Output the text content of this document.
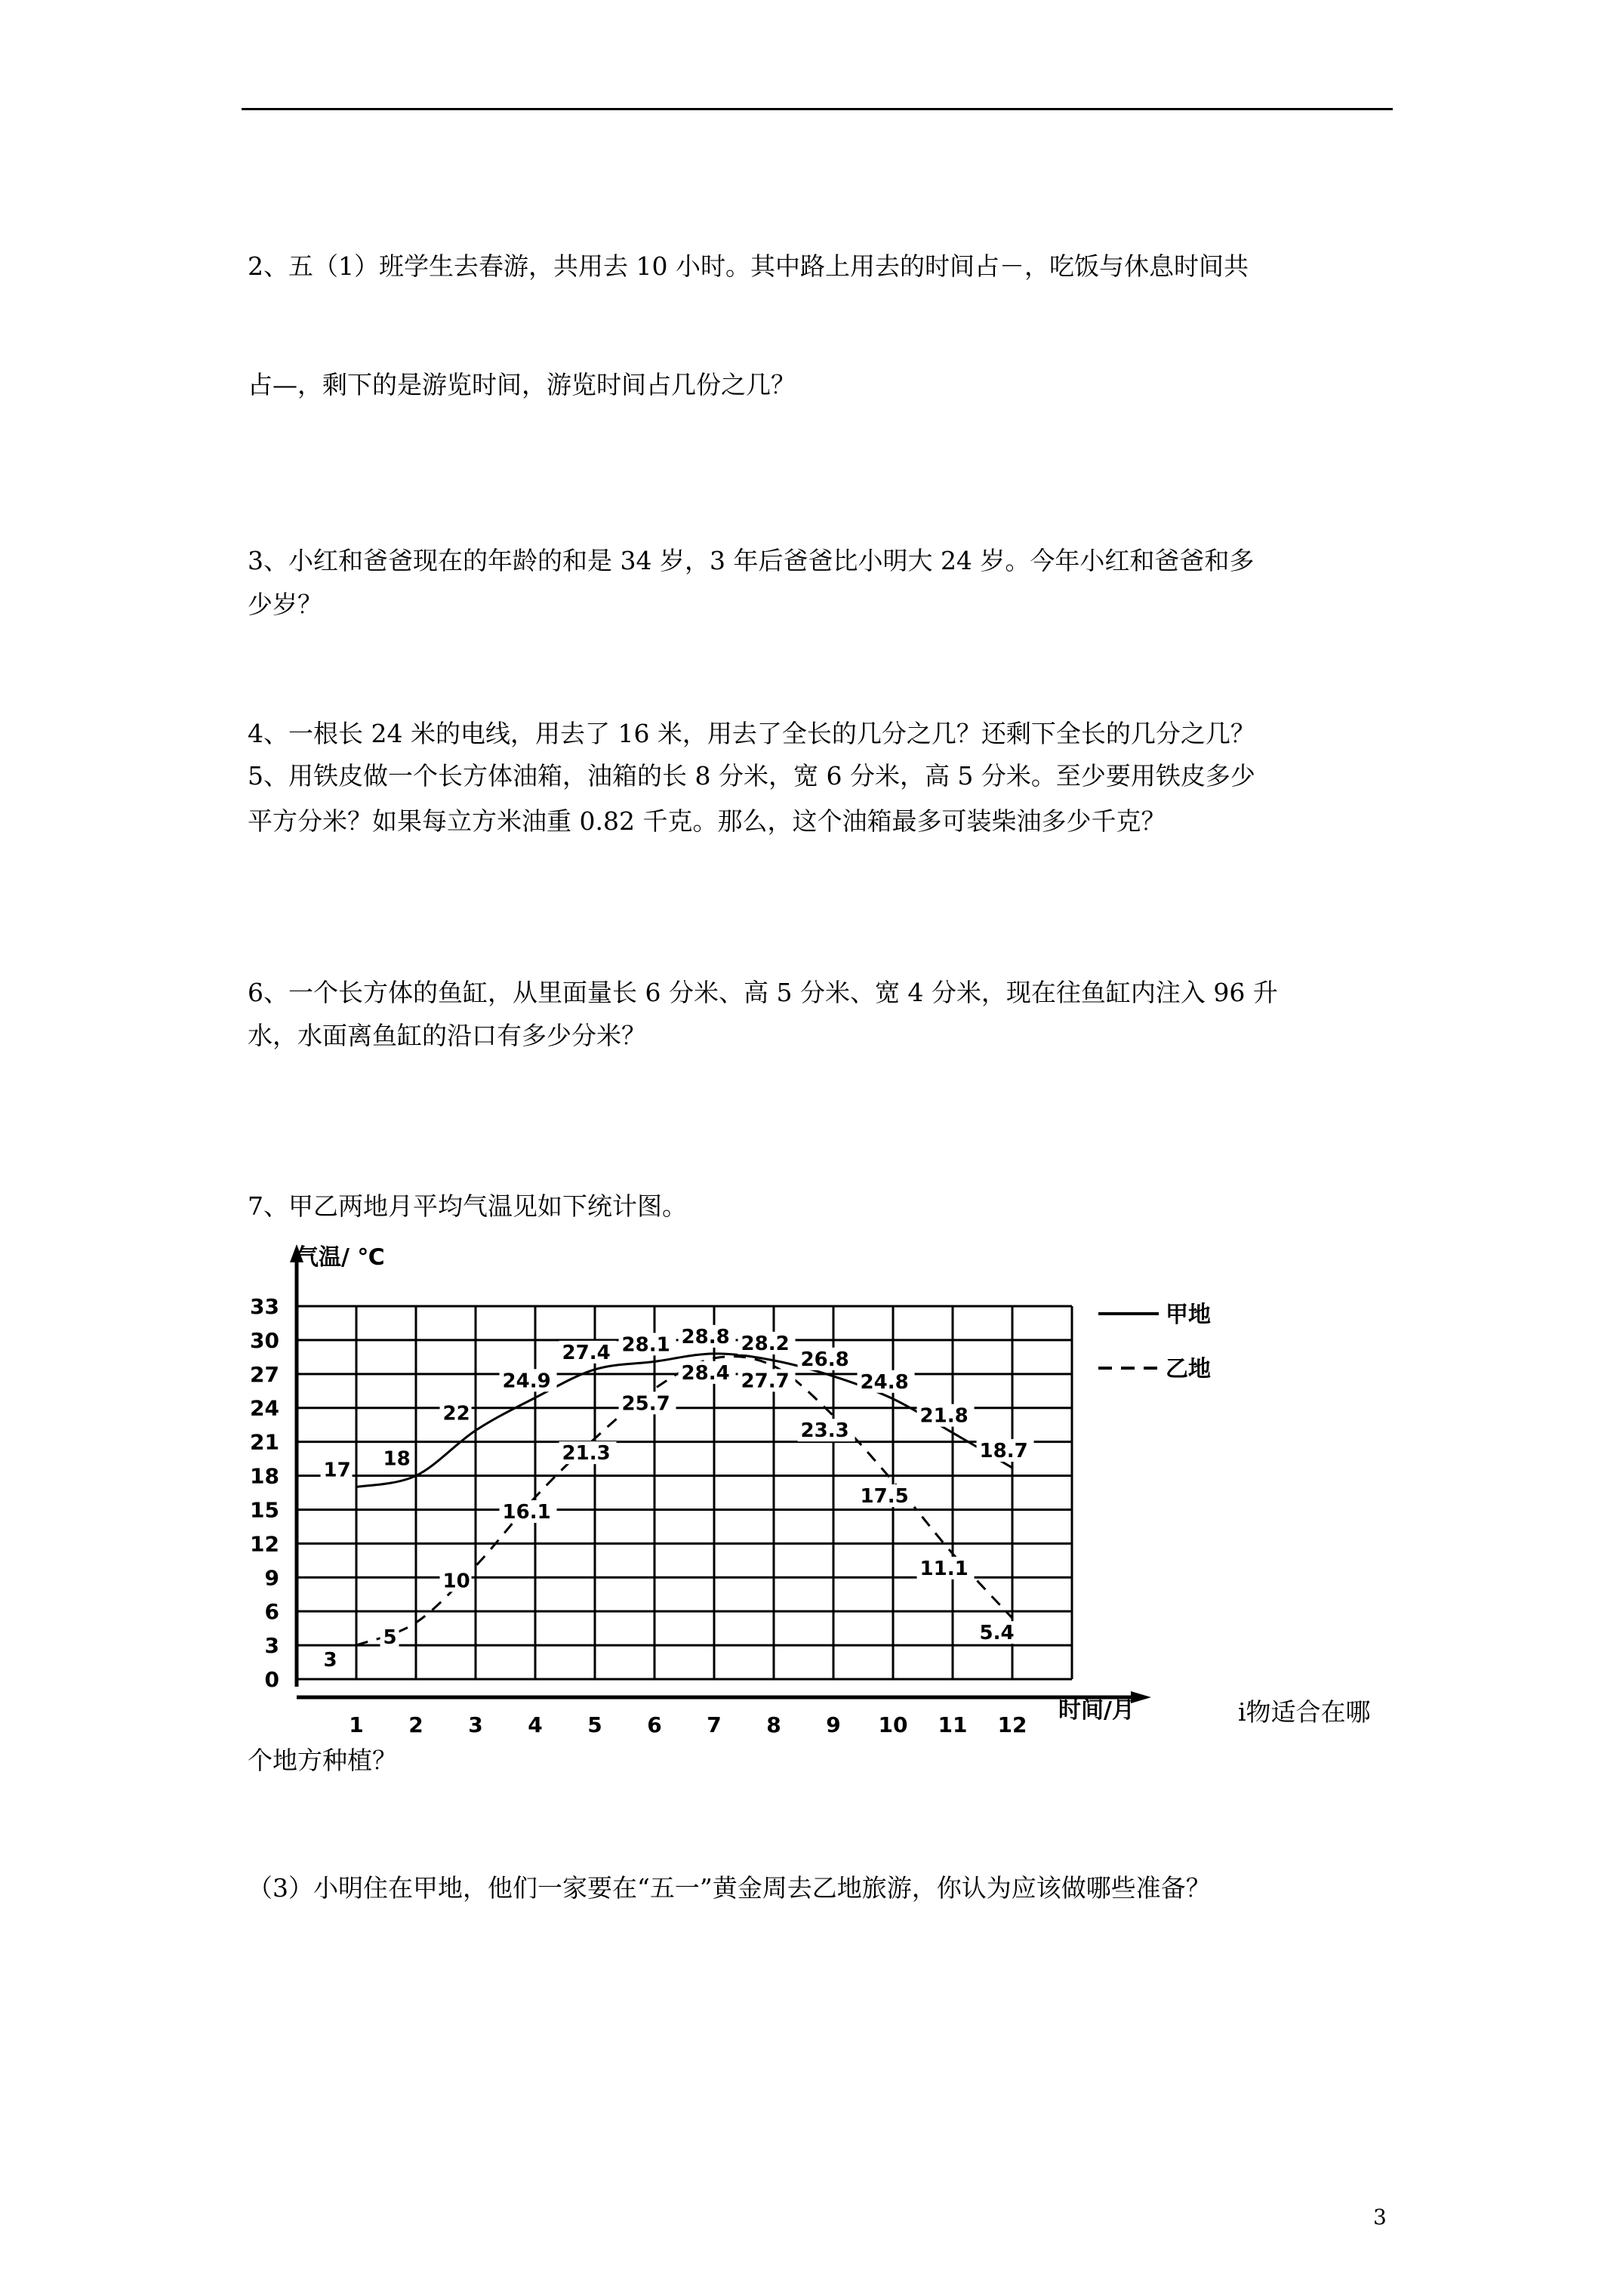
2、五（1）班学生去春游，共用去 10 小时。其中路上用去的时间占－，吃饭与休息时间共
占—，剩下的是游览时间，游览时间占几份之几？
3、小红和爸爸现在的年龄的和是 34 岁，3 年后爸爸比小明大 24 岁。今年小红和爸爸和多
少岁？
4、一根长 24 米的电线，用去了 16 米，用去了全长的几分之几？还剩下全长的几分之几？
5、用铁皮做一个长方体油箱，油箱的长 8 分米，宽 6 分米，高 5 分米。至少要用铁皮多少
平方分米？如果每立方米油重 0.82 千克。那么，这个油箱最多可装柴油多少千克？
6、一个长方体的鱼缸，从里面量长 6 分米、高 5 分米、宽 4 分米，现在往鱼缸内注入 96 升
水，水面离鱼缸的沿口有多少分米？
7、甲乙两地月平均气温见如下统计图。
0
3
6
9
12
15
18
21
24
27
30
33
1 2 3 4 5 6 7 8 9 10 11 12
17 18
22
24.9
27.4 28.1 28.8 28.2
26.8
24.8
21.8
18.7
3
5
10
16.1
21.3
25.7
28.4 27.7
23.3
17.5
11.1
5.4
甲地
乙地
气温/ ℃
时间/月	i物适合在哪
个地方种植？
（3）小明住在甲地，他们一家要在“五一”黄金周去乙地旅游，你认为应该做哪些准备？
3
